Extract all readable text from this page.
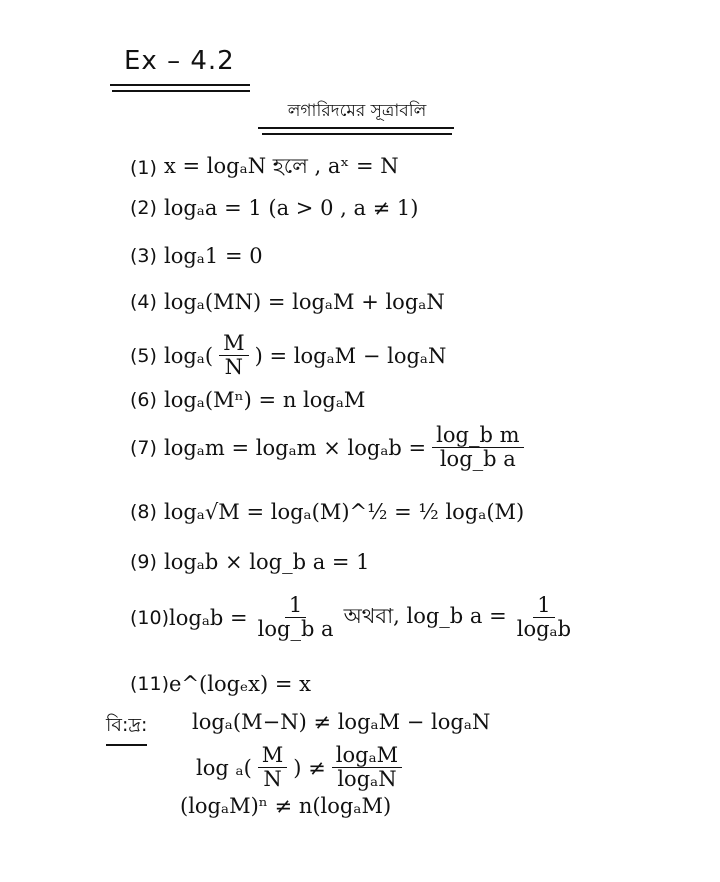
Ex – 4.2
লগারিদমের সূত্রাবলি
(1) x = logₐN হলে , aˣ = N
(2) logₐa = 1 (a > 0 , a ≠ 1)
(3) logₐ1 = 0
(4) logₐ(MN) = logₐM + logₐN
(5) $\log_a( \frac{M}{N}$ ) = logₐM − logₐN
(6) logₐ(Mⁿ) = n logₐM
(7) $\log_am = \log_am \times \log_ab = \frac{\text{log\_b m}}{\text{log\_b a}}$
(8) logₐ√M = logₐ(M)^½ = ½ logₐ(M)
(9) logₐb × log_b a = 1
(10) $\log_ab = \frac{1}{\text{log\_b a}}$ অথবা, log_b $a = \frac{1}{\text{logₐb}}$
(11) e^(logₑx) = x
বি:দ্র: logₐ(M−N) ≠ logₐM − logₐN
$\log _a( \frac{M}{N}$ ) ≠ $\frac{\text{logₐM}}{\text{logₐN}}$
(logₐM)ⁿ ≠ n(logₐM)
